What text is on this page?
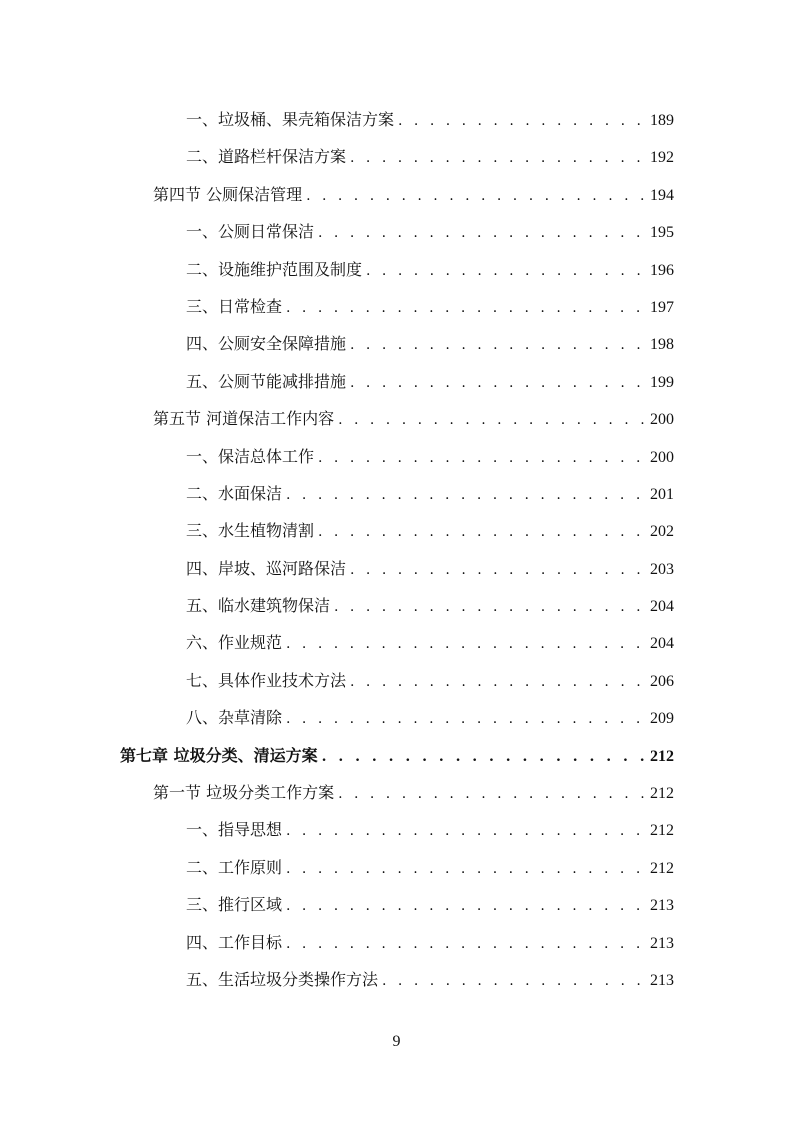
一、垃圾桶、果壳箱保洁方案 . . .	189
二、道路栏杆保洁方案 . . .	192
第四节 公厕保洁管理 . . .	194
一、公厕日常保洁 . . .	195
二、设施维护范围及制度 . . .	196
三、日常检查 . . .	197
四、公厕安全保障措施 . . .	198
五、公厕节能减排措施 . . .	199
第五节 河道保洁工作内容 . . .	200
一、保洁总体工作 . . .	200
二、水面保洁 . . .	201
三、水生植物清割 . . .	202
四、岸坡、巡河路保洁 . . .	203
五、临水建筑物保洁 . . .	204
六、作业规范 . . .	204
七、具体作业技术方法 . . .	206
八、杂草清除 . . .	209
第七章 垃圾分类、清运方案 . . .	212
第一节 垃圾分类工作方案 . . .	212
一、指导思想 . . .	212
二、工作原则 . . .	212
三、推行区域 . . .	213
四、工作目标 . . .	213
五、生活垃圾分类操作方法 . . .	213
9
